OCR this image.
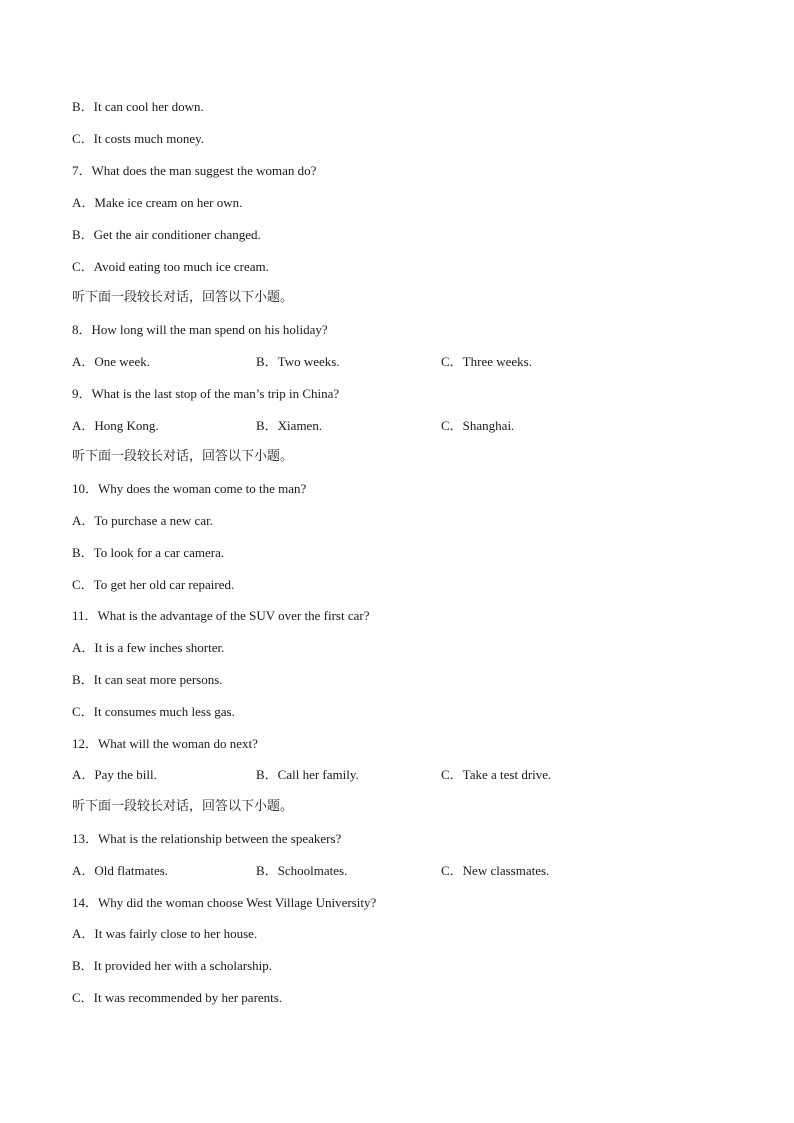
B．It can cool her down.
C．It costs much money.
7．What does the man suggest the woman do?
A．Make ice cream on her own.
B．Get the air conditioner changed.
C．Avoid eating too much ice cream.
听下面一段较长对话，回答以下小题。
8．How long will the man spend on his holiday?
A．One week.	B．Two weeks.	C．Three weeks.
9．What is the last stop of the man’s trip in China?
A．Hong Kong.	B．Xiamen.	C．Shanghai.
听下面一段较长对话，回答以下小题。
10．Why does the woman come to the man?
A．To purchase a new car.
B．To look for a car camera.
C．To get her old car repaired.
11．What is the advantage of the SUV over the first car?
A．It is a few inches shorter.
B．It can seat more persons.
C．It consumes much less gas.
12．What will the woman do next?
A．Pay the bill.	B．Call her family.	C．Take a test drive.
听下面一段较长对话，回答以下小题。
13．What is the relationship between the speakers?
A．Old flatmates.	B．Schoolmates.	C．New classmates.
14．Why did the woman choose West Village University?
A．It was fairly close to her house.
B．It provided her with a scholarship.
C．It was recommended by her parents.
